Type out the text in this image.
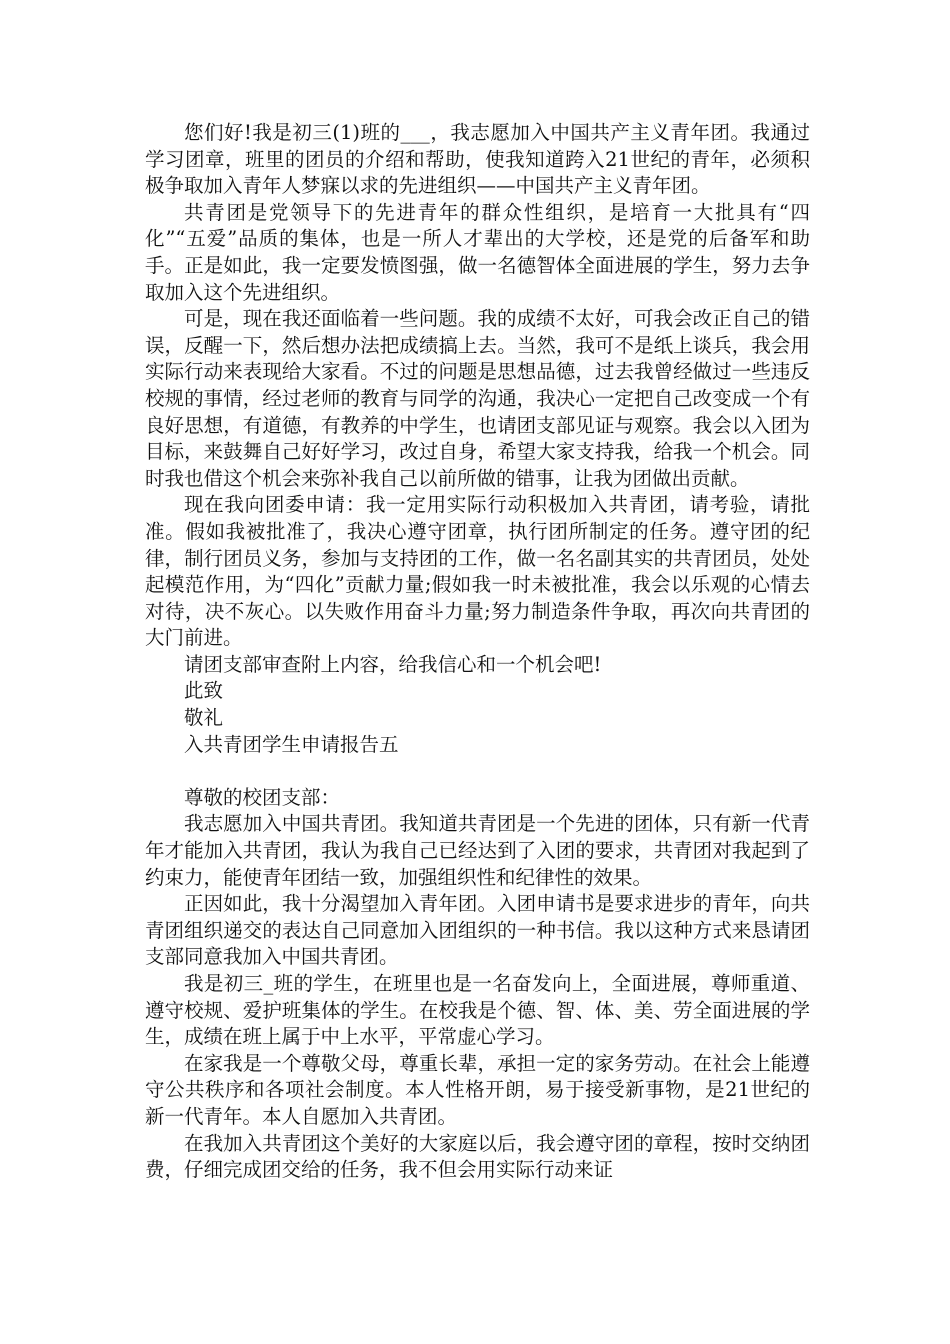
您们好!我是初三(1)班的___，我志愿加入中国共产主义青年团。我通过学习团章，班里的团员的介绍和帮助，使我知道跨入21世纪的青年，必须积极争取加入青年人梦寐以求的先进组织——中国共产主义青年团。

共青团是党领导下的先进青年的群众性组织，是培育一大批具有“四化”“五爱”品质的集体，也是一所人才辈出的大学校，还是党的后备军和助手。正是如此，我一定要发愤图强，做一名德智体全面进展的学生，努力去争取加入这个先进组织。

可是，现在我还面临着一些问题。我的成绩不太好，可我会改正自己的错误，反醒一下，然后想办法把成绩搞上去。当然，我可不是纸上谈兵，我会用实际行动来表现给大家看。不过的问题是思想品德，过去我曾经做过一些违反校规的事情，经过老师的教育与同学的沟通，我决心一定把自己改变成一个有良好思想，有道德，有教养的中学生，也请团支部见证与观察。我会以入团为目标，来鼓舞自己好好学习，改过自身，希望大家支持我，给我一个机会。同时我也借这个机会来弥补我自己以前所做的错事，让我为团做出贡献。

现在我向团委申请：我一定用实际行动积极加入共青团，请考验，请批准。假如我被批准了，我决心遵守团章，执行团所制定的任务。遵守团的纪律，制行团员义务，参加与支持团的工作，做一名名副其实的共青团员，处处起模范作用，为“四化”贡献力量;假如我一时未被批准，我会以乐观的心情去对待，决不灰心。以失败作用奋斗力量;努力制造条件争取，再次向共青团的大门前进。

请团支部审查附上内容，给我信心和一个机会吧!

此致

敬礼

入共青团学生申请报告五

尊敬的校团支部：

我志愿加入中国共青团。我知道共青团是一个先进的团体，只有新一代青年才能加入共青团，我认为我自己已经达到了入团的要求，共青团对我起到了约束力，能使青年团结一致，加强组织性和纪律性的效果。

正因如此，我十分渴望加入青年团。入团申请书是要求进步的青年，向共青团组织递交的表达自己同意加入团组织的一种书信。我以这种方式来恳请团支部同意我加入中国共青团。

我是初三_班的学生，在班里也是一名奋发向上，全面进展，尊师重道、遵守校规、爱护班集体的学生。在校我是个德、智、体、美、劳全面进展的学生，成绩在班上属于中上水平，平常虚心学习。

在家我是一个尊敬父母，尊重长辈，承担一定的家务劳动。在社会上能遵守公共秩序和各项社会制度。本人性格开朗，易于接受新事物，是21世纪的新一代青年。本人自愿加入共青团。

在我加入共青团这个美好的大家庭以后，我会遵守团的章程，按时交纳团费，仔细完成团交给的任务，我不但会用实际行动来证
